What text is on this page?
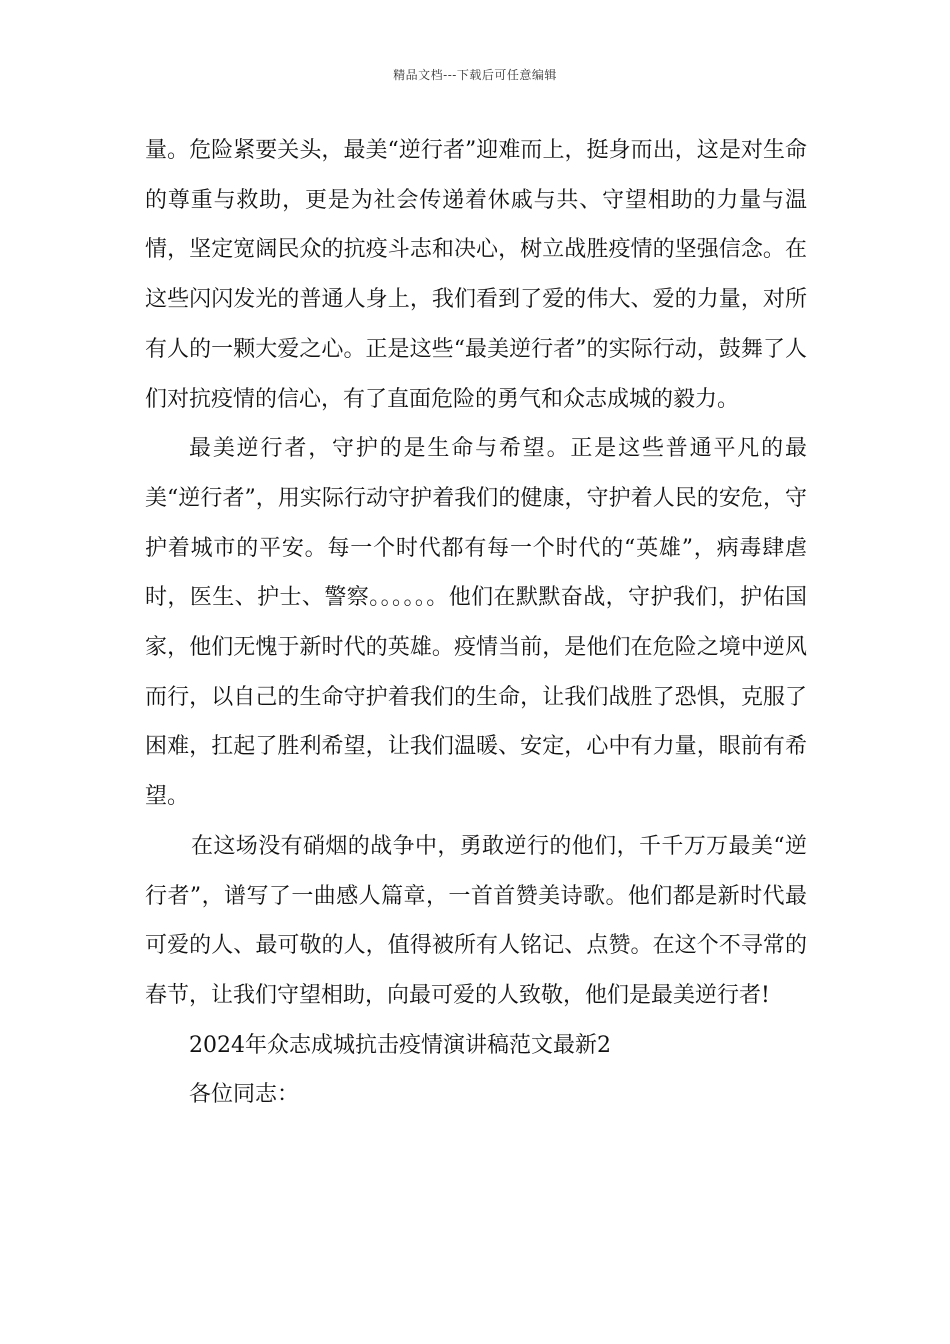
精品文档---下载后可任意编辑

量。危险紧要关头，最美“逆行者”迎难而上，挺身而出，这是对生命的尊重与救助，更是为社会传递着休戚与共、守望相助的力量与温情，坚定宽阔民众的抗疫斗志和决心，树立战胜疫情的坚强信念。在这些闪闪发光的普通人身上，我们看到了爱的伟大、爱的力量，对所有人的一颗大爱之心。正是这些“最美逆行者”的实际行动，鼓舞了人们对抗疫情的信心，有了直面危险的勇气和众志成城的毅力。

最美逆行者，守护的是生命与希望。正是这些普通平凡的最美“逆行者”，用实际行动守护着我们的健康，守护着人民的安危，守护着城市的平安。每一个时代都有每一个时代的“英雄”，病毒肆虐时，医生、护士、警察。。。。。。他们在默默奋战，守护我们，护佑国家，他们无愧于新时代的英雄。疫情当前，是他们在危险之境中逆风而行，以自己的生命守护着我们的生命，让我们战胜了恐惧，克服了困难，扛起了胜利希望，让我们温暖、安定，心中有力量，眼前有希望。

在这场没有硝烟的战争中，勇敢逆行的他们，千千万万最美“逆行者”，谱写了一曲感人篇章，一首首赞美诗歌。他们都是新时代最可爱的人、最可敬的人，值得被所有人铭记、点赞。在这个不寻常的春节，让我们守望相助，向最可爱的人致敬，他们是最美逆行者!

2024年众志成城抗击疫情演讲稿范文最新2

各位同志：
